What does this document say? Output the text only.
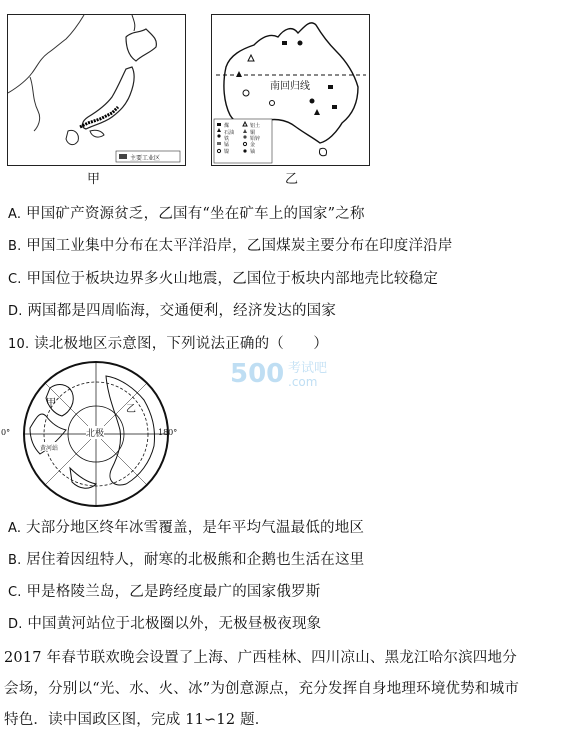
主要工业区
南回归线
煤	铝土
石油	铜
铁	铅锌
锰	金
镍	铀
甲	乙
A. 甲国矿产资源贫乏，乙国有“坐在矿车上的国家”之称
B. 甲国工业集中分布在太平洋沿岸，乙国煤炭主要分布在印度洋沿岸
C. 甲国位于板块边界多火山地震，乙国位于板块内部地壳比较稳定
D. 两国都是四周临海，交通便利，经济发达的国家
10. 读北极地区示意图，下列说法正确的（　　）
500 考试吧
.com
北极
0°	180°
甲
乙
黄河站
A. 大部分地区终年冰雪覆盖，是年平均气温最低的地区
B. 居住着因纽特人，耐寒的北极熊和企鹅也生活在这里
C. 甲是格陵兰岛，乙是跨经度最广的国家俄罗斯
D. 中国黄河站位于北极圈以外，无极昼极夜现象
2017 年春节联欢晚会设置了上海、广西桂林、四川凉山、黑龙江哈尔滨四地分
会场，分别以“光、水、火、冰”为创意源点，充分发挥自身地理环境优势和城市
特色．读中国政区图，完成 11∽12 题．
